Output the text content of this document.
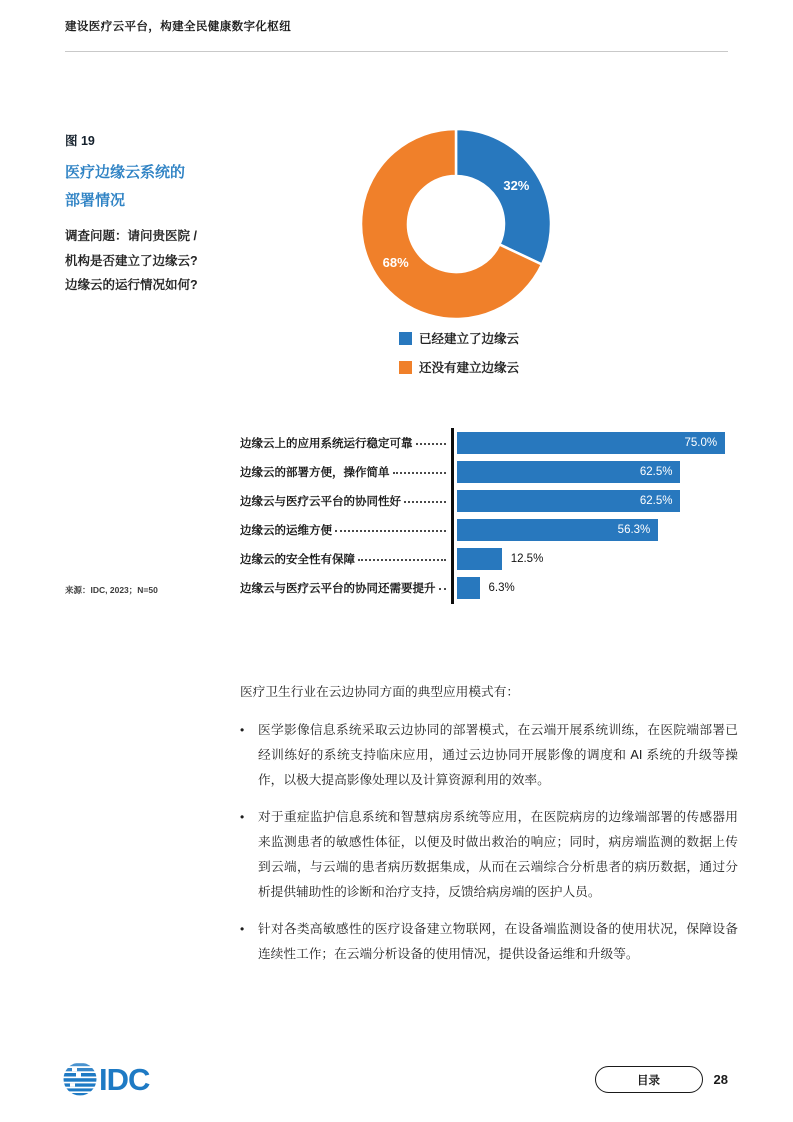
建设医疗云平台，构建全民健康数字化枢纽
图 19
医疗边缘云系统的
部署情况
调查问题：请问贵医院 /
机构是否建立了边缘云?
边缘云的运行情况如何?
32%
68%
已经建立了边缘云
还没有建立边缘云
边缘云上的应用系统运行稳定可靠	75.0%
边缘云的部署方便，操作简单	62.5%
边缘云与医疗云平台的协同性好	62.5%
边缘云的运维方便	56.3%
边缘云的安全性有保障	12.5%
边缘云与医疗云平台的协同还需要提升	6.3%
来源：IDC, 2023；N=50

医疗卫生行业在云边协同方面的典型应用模式有：

•	医学影像信息系统采取云边协同的部署模式，在云端开展系统训练，在医院端部署已经训练好的系统支持临床应用，通过云边协同开展影像的调度和 AI 系统的升级等操作，以极大提高影像处理以及计算资源利用的效率。

•	对于重症监护信息系统和智慧病房系统等应用，在医院病房的边缘端部署的传感器用来监测患者的敏感性体征，以便及时做出救治的响应；同时，病房端监测的数据上传到云端，与云端的患者病历数据集成，从而在云端综合分析患者的病历数据，通过分析提供辅助性的诊断和治疗支持，反馈给病房端的医护人员。

•	针对各类高敏感性的医疗设备建立物联网，在设备端监测设备的使用状况，保障设备连续性工作；在云端分析设备的使用情况，提供设备运维和升级等。

IDC	目录	28
